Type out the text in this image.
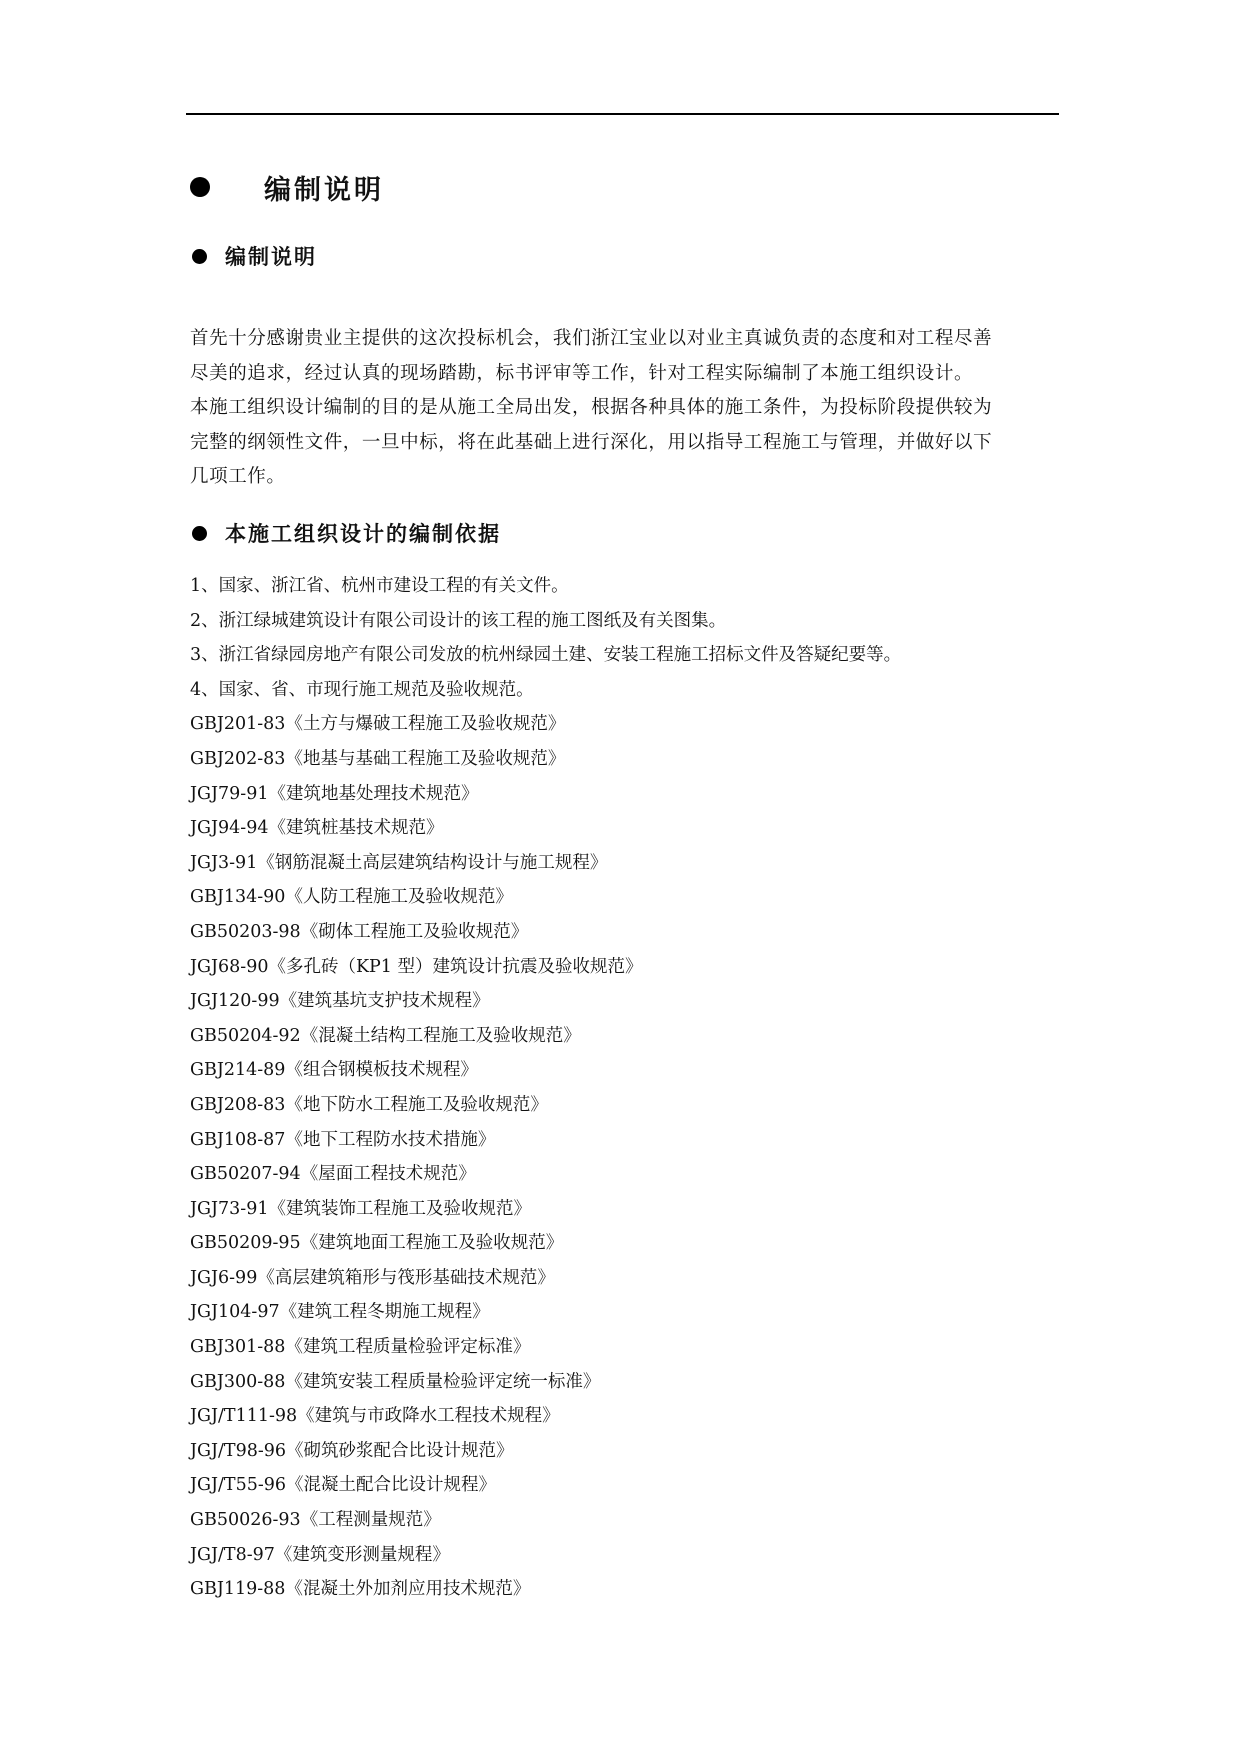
编制说明
编制说明
首先十分感谢贵业主提供的这次投标机会，我们浙江宝业以对业主真诚负责的态度和对工程尽善
尽美的追求，经过认真的现场踏勘，标书评审等工作，针对工程实际编制了本施工组织设计。
本施工组织设计编制的目的是从施工全局出发，根据各种具体的施工条件，为投标阶段提供较为
完整的纲领性文件，一旦中标，将在此基础上进行深化，用以指导工程施工与管理，并做好以下
几项工作。
本施工组织设计的编制依据
1、国家、浙江省、杭州市建设工程的有关文件。
2、浙江绿城建筑设计有限公司设计的该工程的施工图纸及有关图集。
3、浙江省绿园房地产有限公司发放的杭州绿园土建、安装工程施工招标文件及答疑纪要等。
4、国家、省、市现行施工规范及验收规范。
GBJ201-83《土方与爆破工程施工及验收规范》
GBJ202-83《地基与基础工程施工及验收规范》
JGJ79-91《建筑地基处理技术规范》
JGJ94-94《建筑桩基技术规范》
JGJ3-91《钢筋混凝土高层建筑结构设计与施工规程》
GBJ134-90《人防工程施工及验收规范》
GB50203-98《砌体工程施工及验收规范》
JGJ68-90《多孔砖（KP1 型）建筑设计抗震及验收规范》
JGJ120-99《建筑基坑支护技术规程》
GB50204-92《混凝土结构工程施工及验收规范》
GBJ214-89《组合钢模板技术规程》
GBJ208-83《地下防水工程施工及验收规范》
GBJ108-87《地下工程防水技术措施》
GB50207-94《屋面工程技术规范》
JGJ73-91《建筑装饰工程施工及验收规范》
GB50209-95《建筑地面工程施工及验收规范》
JGJ6-99《高层建筑箱形与筏形基础技术规范》
JGJ104-97《建筑工程冬期施工规程》
GBJ301-88《建筑工程质量检验评定标准》
GBJ300-88《建筑安装工程质量检验评定统一标准》
JGJ/T111-98《建筑与市政降水工程技术规程》
JGJ/T98-96《砌筑砂浆配合比设计规范》
JGJ/T55-96《混凝土配合比设计规程》
GB50026-93《工程测量规范》
JGJ/T8-97《建筑变形测量规程》
GBJ119-88《混凝土外加剂应用技术规范》
